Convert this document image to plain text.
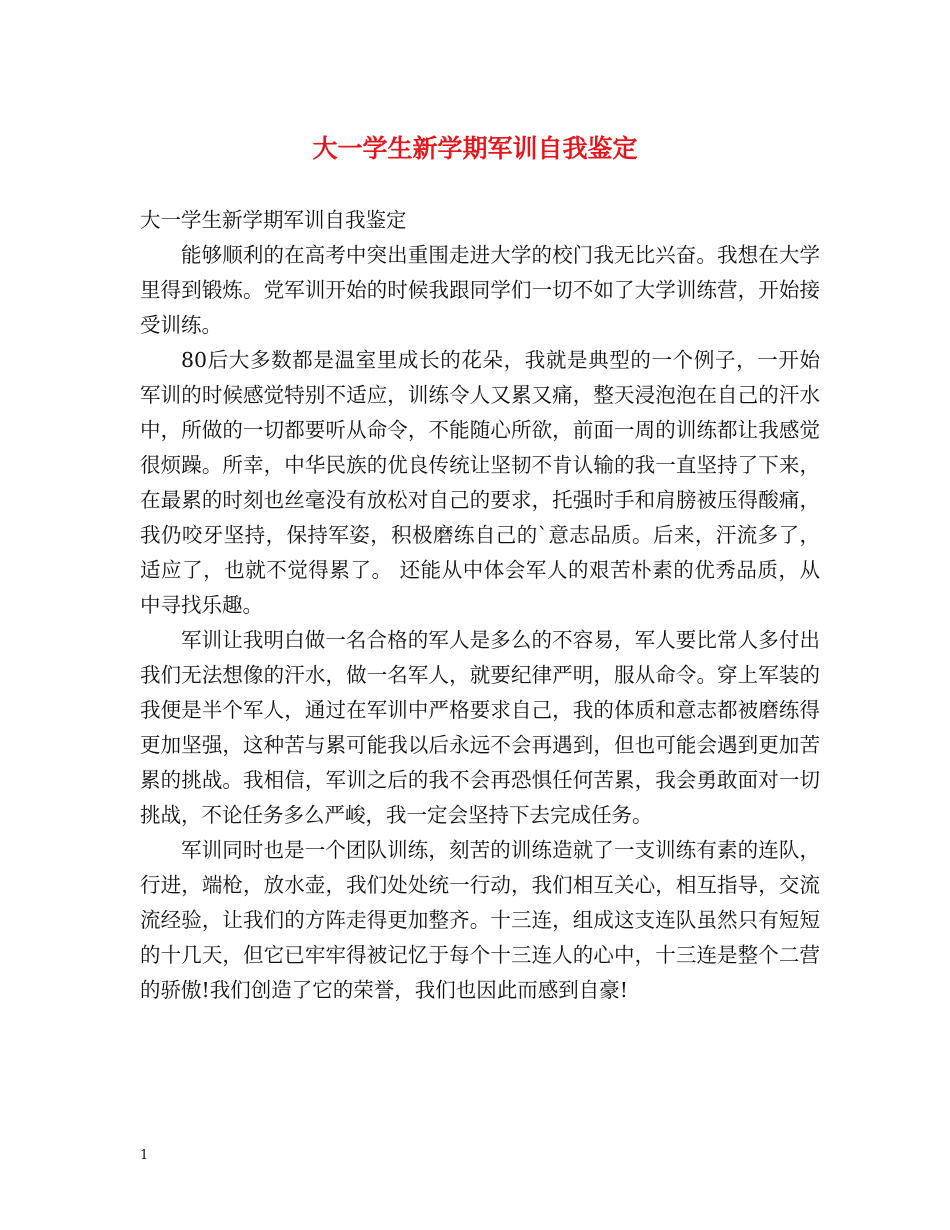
大一学生新学期军训自我鉴定

大一学生新学期军训自我鉴定

能够顺利的在高考中突出重围走进大学的校门我无比兴奋。我想在大学里得到锻炼。党军训开始的时候我跟同学们一切不如了大学训练营，开始接受训练。

80后大多数都是温室里成长的花朵，我就是典型的一个例子，一开始军训的时候感觉特别不适应，训练令人又累又痛，整天浸泡泡在自己的汗水中，所做的一切都要听从命令，不能随心所欲，前面一周的训练都让我感觉很烦躁。所幸，中华民族的优良传统让坚韧不肯认输的我一直坚持了下来，在最累的时刻也丝毫没有放松对自己的要求，托强时手和肩膀被压得酸痛，我仍咬牙坚持，保持军姿，积极磨练自己的`意志品质。后来，汗流多了，适应了，也就不觉得累了。 还能从中体会军人的艰苦朴素的优秀品质，从中寻找乐趣。

军训让我明白做一名合格的军人是多么的不容易，军人要比常人多付出我们无法想像的汗水，做一名军人，就要纪律严明，服从命令。穿上军装的我便是半个军人，通过在军训中严格要求自己，我的体质和意志都被磨练得更加坚强，这种苦与累可能我以后永远不会再遇到，但也可能会遇到更加苦累的挑战。我相信，军训之后的我不会再恐惧任何苦累，我会勇敢面对一切挑战，不论任务多么严峻，我一定会坚持下去完成任务。

军训同时也是一个团队训练，刻苦的训练造就了一支训练有素的连队，行进，端枪，放水壶，我们处处统一行动，我们相互关心，相互指导，交流流经验，让我们的方阵走得更加整齐。十三连，组成这支连队虽然只有短短的十几天，但它已牢牢得被记忆于每个十三连人的心中，十三连是整个二营的骄傲!我们创造了它的荣誉，我们也因此而感到自豪!

1
